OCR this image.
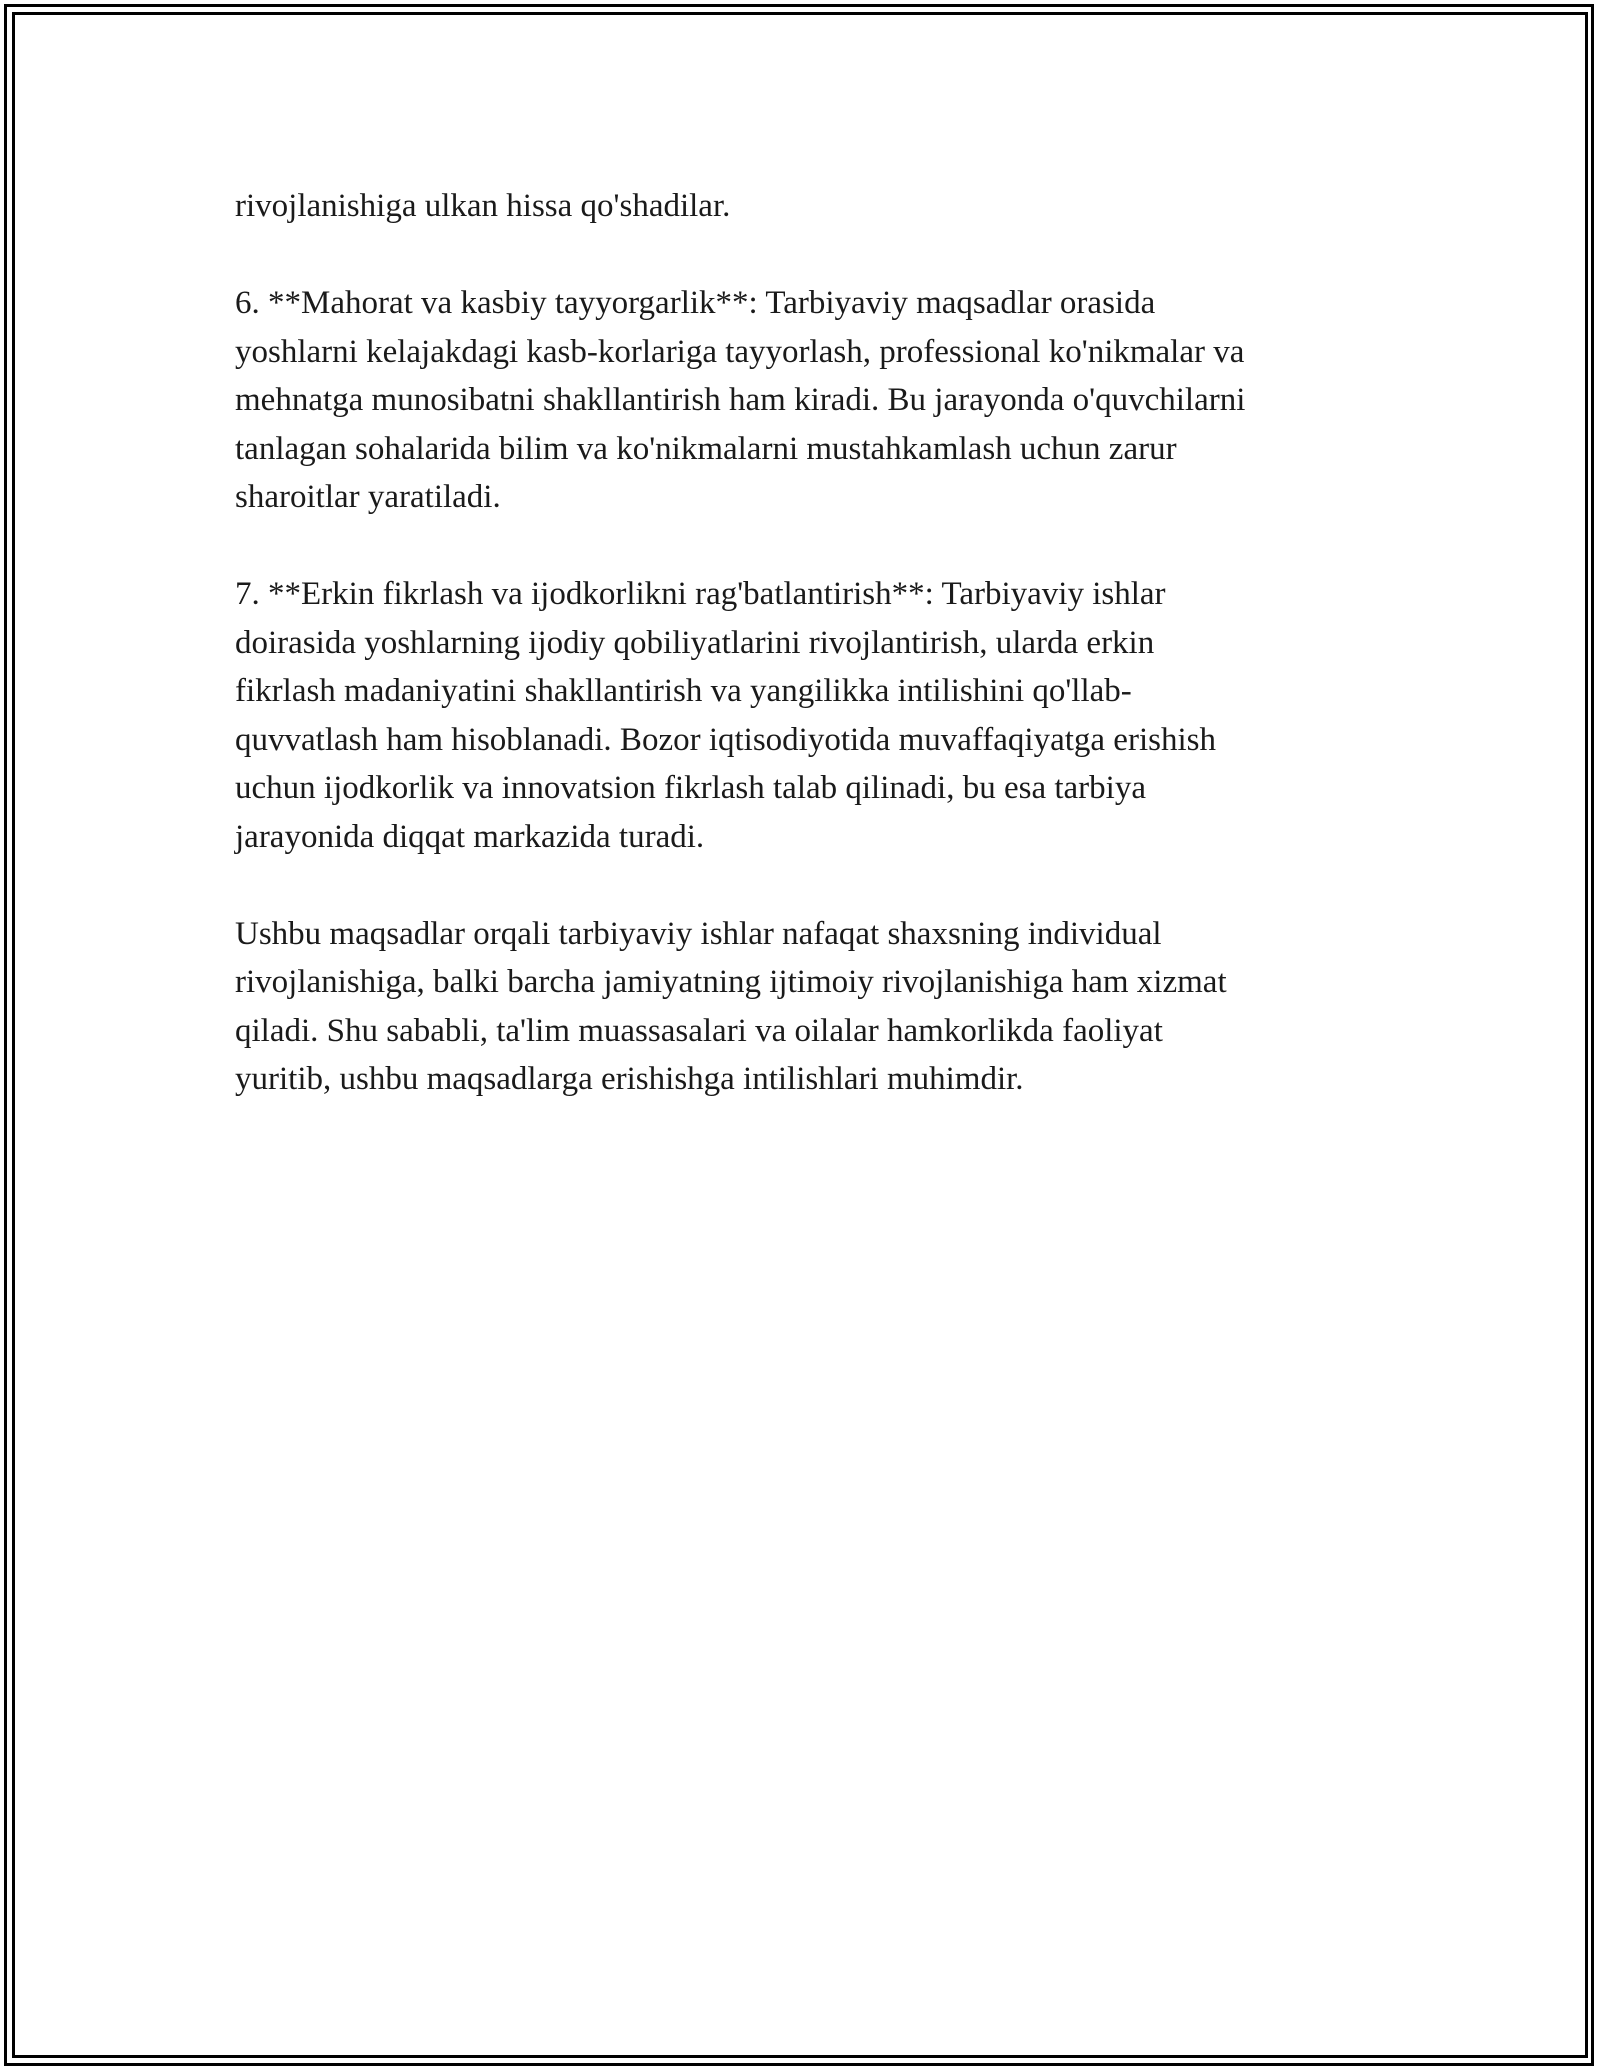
rivojlanishiga ulkan hissa qo'shadilar.

6. **Mahorat va kasbiy tayyorgarlik**: Tarbiyaviy maqsadlar orasida
yoshlarni kelajakdagi kasb-korlariga tayyorlash, professional ko'nikmalar va
mehnatga munosibatni shakllantirish ham kiradi. Bu jarayonda o'quvchilarni
tanlagan sohalarida bilim va ko'nikmalarni mustahkamlash uchun zarur
sharoitlar yaratiladi.

7. **Erkin fikrlash va ijodkorlikni rag'batlantirish**: Tarbiyaviy ishlar
doirasida yoshlarning ijodiy qobiliyatlarini rivojlantirish, ularda erkin
fikrlash madaniyatini shakllantirish va yangilikka intilishini qo'llab-
quvvatlash ham hisoblanadi. Bozor iqtisodiyotida muvaffaqiyatga erishish
uchun ijodkorlik va innovatsion fikrlash talab qilinadi, bu esa tarbiya
jarayonida diqqat markazida turadi.

Ushbu maqsadlar orqali tarbiyaviy ishlar nafaqat shaxsning individual
rivojlanishiga, balki barcha jamiyatning ijtimoiy rivojlanishiga ham xizmat
qiladi. Shu sababli, ta'lim muassasalari va oilalar hamkorlikda faoliyat
yuritib, ushbu maqsadlarga erishishga intilishlari muhimdir.
